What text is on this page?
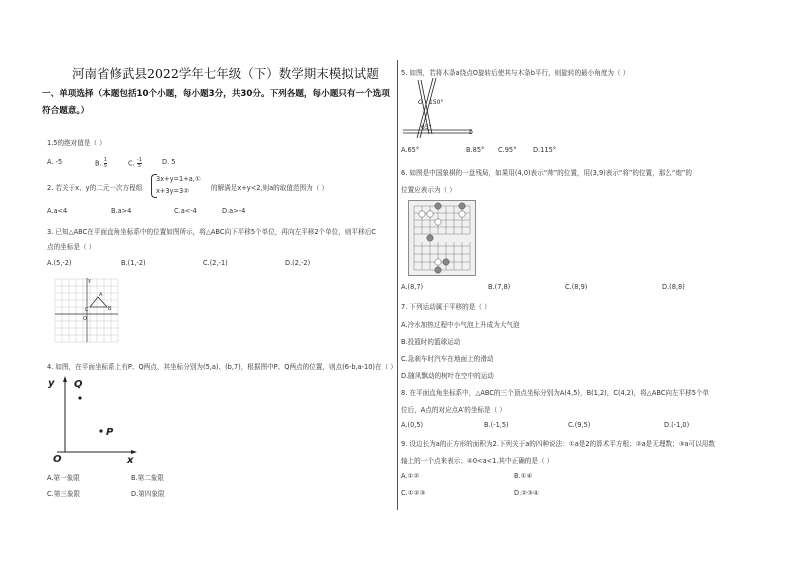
河南省修武县2022学年七年级（下）数学期末模拟试题
一、单项选择（本题包括10个小题，每小题3分，共30分。下列各题，每小题只有一个选项符合题意。）
1.5的绝对值是（ ）
A. -5	B. $\frac{1}{5}$	C. $\frac{-1}{5}$	D. 5
2. 若关于x、y的二元一次方程组
3x+y=1+a,①
x+3y=3②	的解满足x+y<2,则a的取值范围为（ ）
A.a<4	B.a>4	C.a<-4	D.a>-4
3. 已知△ABC在平面直角坐标系中的位置如图所示，将△ABC向下平移5个单位，再向左平移2个单位，则平移后C
点的坐标是（ ）
A.(5,-2)	B.(1,-2)	C.(2,-1)	D.(2,-2)
y
A
B
C
O
4. 如图，在平面坐标系上有P、Q两点，其坐标分别为(5,a)、(b,7)，根据图中P、Q两点的位置，则点(6-b,a-10)在（ ）
y
x
O
Q
P
A.第一象限	B.第二象限
C.第三象限	D.第四象限
5. 如图，若将木条a绕点O旋转后使其与木条b平行，则旋转的最小角度为（ ）
O 150°
65°
b
A.65°	B.85° C.95°	D.115°
6. 如图是中国象棋的一盘残局，如果用(4,0)表示“帅”的位置，用(3,9)表示“将”的位置，那么“炮”的
位置应表示为（ ）
A.(8,7)	B.(7,8)	C.(8,9)	D.(8,8)
7. 下列运动属于平移的是（ ）
A.冷水加热过程中小气泡上升成为大气泡
B.投篮时的篮球运动
C.急刹车时汽车在地面上的滑动
D.随风飘动的树叶在空中的运动
8. 在平面直角坐标系中，△ABC的三个顶点坐标分别为A(4,5)，B(1,2)，C(4,2)，将△ABC向左平移5个单
位后，A点的对应点A′的坐标是（ ）
A.(0,5)	B.(-1,5)	C.(9,5)	D.(-1,0)
9. 设边长为a的正方形的面积为2.下列关于a的四种说法：①a是2的算术平方根；②a是无理数；③a可以用数
轴上的一个点来表示；④0<a<1.其中正确的是（ ）
A.①②	B.①④
C.①②③	D.②③④
